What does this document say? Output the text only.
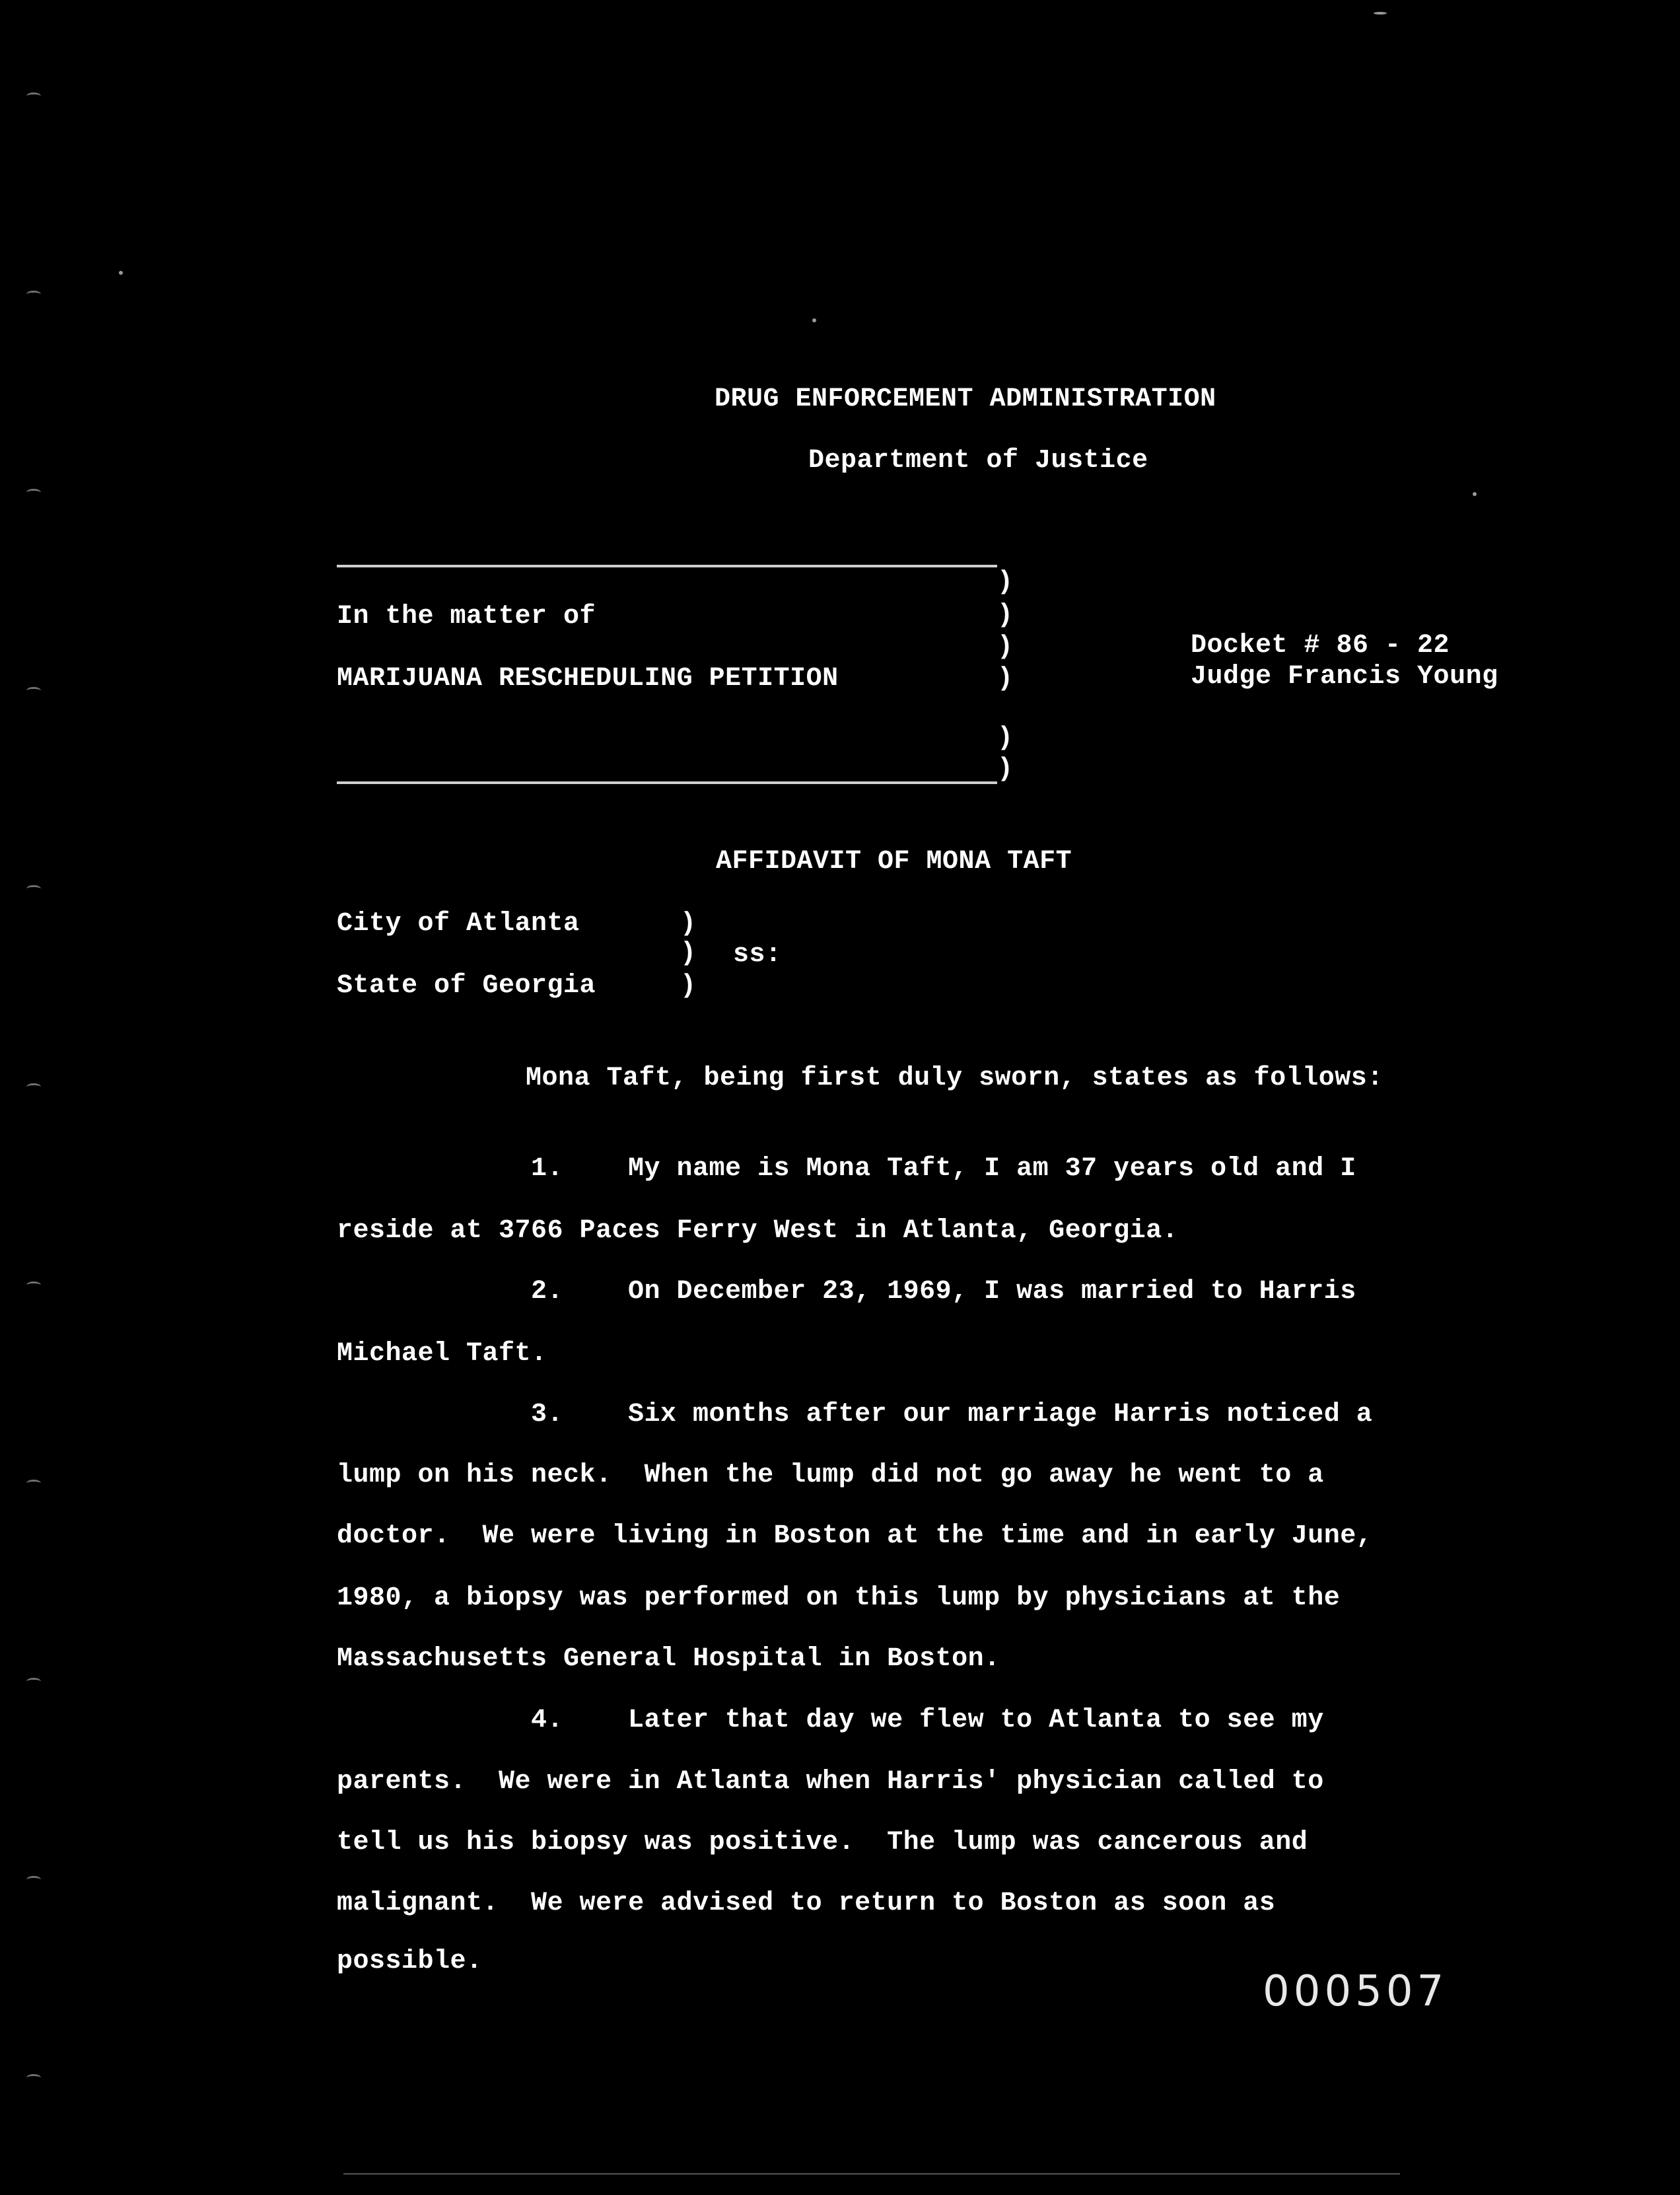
DRUG ENFORCEMENT ADMINISTRATION
Department of Justice
)
)
)
)
)
)
In the matter of
MARIJUANA RESCHEDULING PETITION
Docket # 86 - 22
Judge Francis Young
AFFIDAVIT OF MONA TAFT
City of Atlanta	)
) ss:
State of Georgia	)
Mona Taft, being first duly sworn, states as follows:
1.    My name is Mona Taft, I am 37 years old and I
reside at 3766 Paces Ferry West in Atlanta, Georgia.
2.    On December 23, 1969, I was married to Harris
Michael Taft.
3.    Six months after our marriage Harris noticed a
lump on his neck.  When the lump did not go away he went to a
doctor.  We were living in Boston at the time and in early June,
1980, a biopsy was performed on this lump by physicians at the
Massachusetts General Hospital in Boston.
4.    Later that day we flew to Atlanta to see my
parents.  We were in Atlanta when Harris' physician called to
tell us his biopsy was positive.  The lump was cancerous and
malignant.  We were advised to return to Boston as soon as
possible.
000507
